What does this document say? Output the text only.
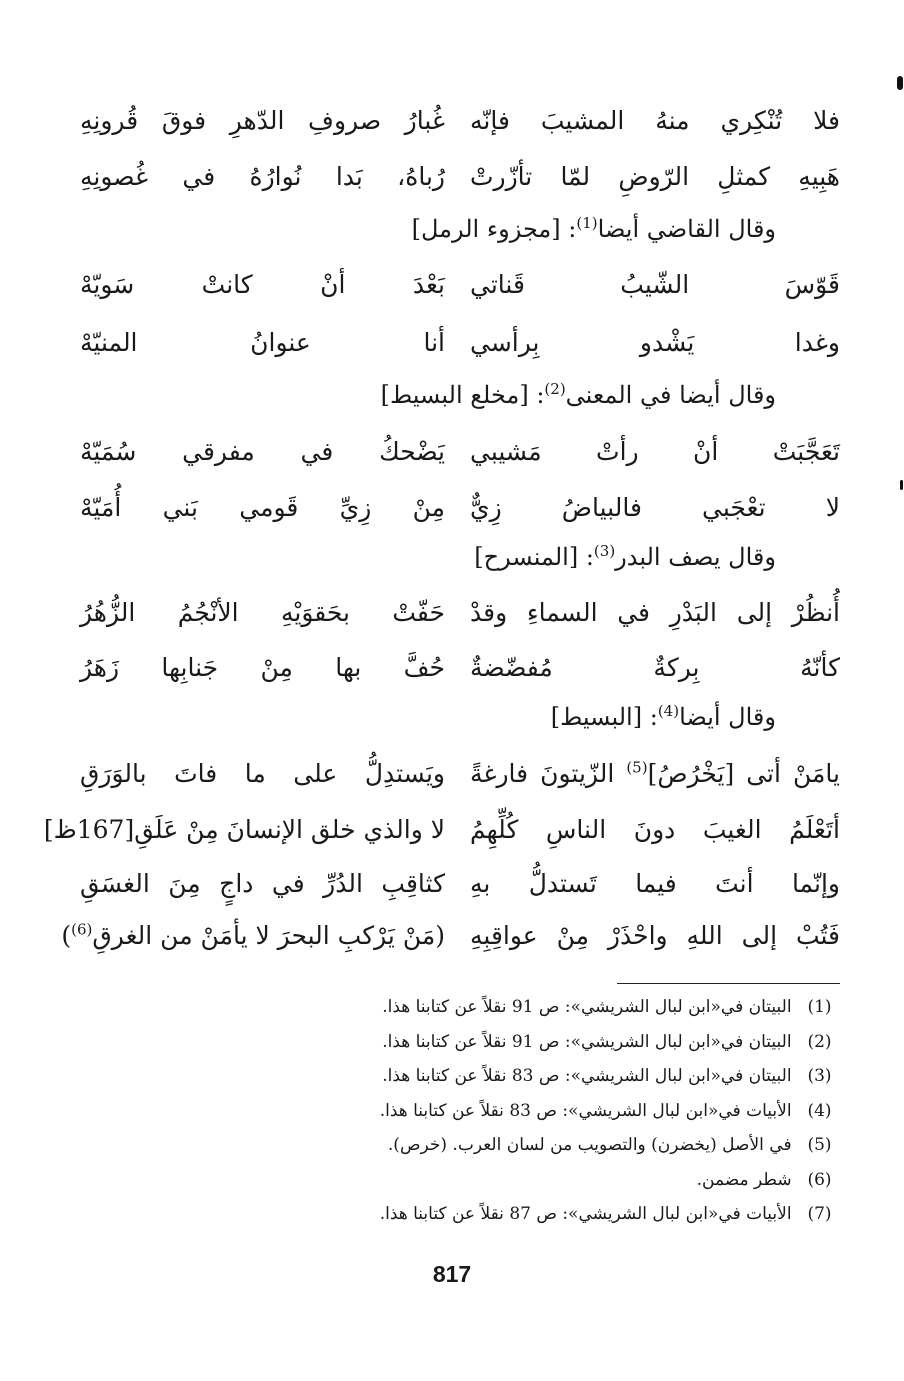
فلا تُنْكِري منهُ المشيبَ فإنّه
غُبارُ صروفِ الدّهرِ فوقَ قُرونِهِ
هَبِيهِ كمثلِ الرّوضِ لمّا تأزّرتْ
رُباهُ، بَدا نُوارُهُ في غُصونِهِ
وقال القاضي أيضا$^{(1)}$: [مجزوء الرمل]
قَوّسَ الشّيبُ قَناتي
بَعْدَ أنْ كانتْ سَويّهْ
وغدا يَشْدو بِرأسي
أنا عنوانُ المنيّهْ
وقال أيضا في المعنى$^{(2)}$: [مخلع البسيط]
تَعَجَّبَتْ أنْ رأتْ مَشيبي
يَضْحكُ في مفرقي سُمَيّهْ
لا تعْجَبي فالبياضُ زِيٌّ
مِنْ زِيِّ قَومي بَني أُمَيّهْ
وقال يصف البدر$^{(3)}$: [المنسرح]
أُنظُرْ إلى البَدْرِ في السماءِ وقدْ
حَفّتْ بحَقوَيْهِ الأنْجُمُ الزُّهُرُ
كأنّهُ بِركةٌ مُفضّضةٌ
حُفَّ بها مِنْ جَنابِها زَهَرُ
وقال أيضا$^{(4)}$: [البسيط]
يامَنْ أتى [يَخْرُصُ]$^{(5)}$ الزّيتونَ فارغةً
ويَستدِلُّ على ما فاتَ بالوَرَقِ
أتَعْلَمُ الغيبَ دونَ الناسِ كُلِّهِمُ
لا والذي خلق الإنسانَ مِنْ عَلَقِ[167ظ]
وإنّما أنتَ فيما تَستدلُّ بهِ
كثاقِبِ الدُرِّ في داجٍ مِنَ الغسَقِ
فَتُبْ إلى اللهِ واحْذَرْ مِنْ عواقِبِهِ
(مَنْ يَرْكبِ البحرَ لا يأمَنْ من الغرقِ$^{(6)}$)
(1) البيتان في«ابن لبال الشريشي»: ص 91 نقلاً عن كتابنا هذا.
(2) البيتان في«ابن لبال الشريشي»: ص 91 نقلاً عن كتابنا هذا.
(3) البيتان في«ابن لبال الشريشي»: ص 83 نقلاً عن كتابنا هذا.
(4) الأبيات في«ابن لبال الشريشي»: ص 83 نقلاً عن كتابنا هذا.
(5) في الأصل (يخضرن) والتصويب من لسان العرب. (خرص).
(6) شطر مضمن.
(7) الأبيات في«ابن لبال الشريشي»: ص 87 نقلاً عن كتابنا هذا.
817
